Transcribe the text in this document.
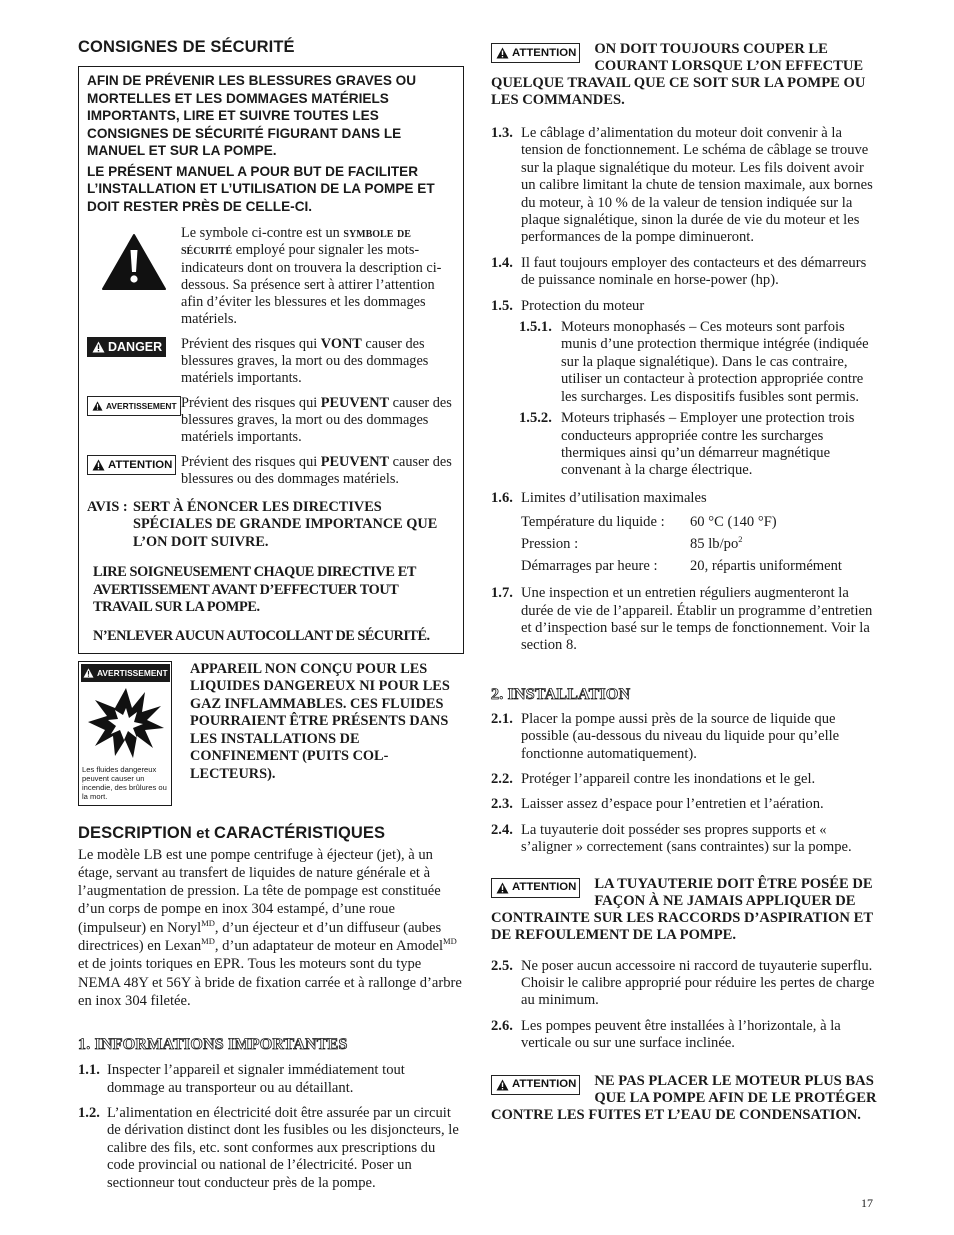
CONSIGNES DE SÉCURITÉ

AFIN DE PRÉVENIR LES BLESSURES GRAVES OU MORTELLES ET LES DOMMAGES MATÉRIELS IMPORTANTS, LIRE ET SUIVRE TOUTES LES CONSIGNES DE SÉCURITÉ FIGURANT DANS LE MANUEL ET SUR LA POMPE.

LE PRÉSENT MANUEL A POUR BUT DE FACILITER L’INSTALLATION ET L’UTILISATION DE LA POMPE ET DOIT RESTER PRÈS DE CELLE-CI.

Le symbole ci-contre est un symbole de sécurité employé pour signaler les mots-indicateurs dont on trouvera la description ci-dessous. Sa présence sert à attirer l’attention afin d’éviter les blessures et les dommages matériels.

DANGER Prévient des risques qui VONT causer des blessures graves, la mort ou des dommages matériels importants.

AVERTISSEMENT Prévient des risques qui PEUVENT causer des blessures graves, la mort ou des dommages matériels importants.

ATTENTION Prévient des risques qui PEUVENT causer des blessures ou des dommages matériels.

AVIS : SERT À ÉNONCER LES DIRECTIVES SPÉCIALES DE GRANDE IMPORTANCE QUE L’ON DOIT SUIVRE.

LIRE SOIGNEUSEMENT CHAQUE DIRECTIVE ET AVERTISSEMENT AVANT D’EFFECTUER TOUT TRAVAIL SUR LA POMPE.

N’ENLEVER AUCUN AUTOCOLLANT DE SÉCURITÉ.

AVERTISSEMENT

Les fluides dangereux peuvent causer un incendie, des brûlures ou la mort.

APPAREIL NON CONÇU POUR LES LIQUIDES DANGEREUX NI POUR LES GAZ INFLAMMABLES. CES FLUIDES POURRAIENT ÊTRE PRÉSENTS DANS LES INSTALLATIONS DE CONFINEMENT (PUITS COLLECTEURS).

DESCRIPTION et CARACTÉRISTIQUES

Le modèle LB est une pompe centrifuge à éjecteur (jet), à un étage, servant au transfert de liquides de nature générale et à l’augmentation de pression. La tête de pompage est constituée d’un corps de pompe en inox 304 estampé, d’une roue (impulseur) en Noryl$^{MD}$, d’un éjecteur et d’un diffuseur (aubes directrices) en Lexan$^{MD}$, d’un adaptateur de moteur en Amodel$^{MD}$ et de joints toriques en EPR. Tous les moteurs sont du type NEMA 48Y et 56Y à bride de fixation carrée et à rallonge d’arbre en inox 304 filetée.

1. INFORMATIONS IMPORTANTES
1.1. Inspecter l’appareil et signaler immédiatement tout dommage au transporteur ou au détaillant.
1.2. L’alimentation en électricité doit être assurée par un circuit de dérivation distinct dont les fusibles ou les disjoncteurs, le calibre des fils, etc. sont conformes aux prescriptions du code provincial ou national de l’électricité. Poser un sectionneur tout conducteur près de la pompe.
ATTENTION ON DOIT TOUJOURS COUPER LE COURANT LORSQUE L’ON EFFECTUE QUELQUE TRAVAIL QUE CE SOIT SUR LA POMPE OU LES COMMANDES.
1.3. Le câblage d’alimentation du moteur doit convenir à la tension de fonctionnement. Le schéma de câblage se trouve sur la plaque signalétique du moteur. Les fils doivent avoir un calibre limitant la chute de tension maximale, aux bornes du moteur, à 10 % de la valeur de tension indiquée sur la plaque signalétique, sinon la durée de vie du moteur et les performances de la pompe diminueront.
1.4. Il faut toujours employer des contacteurs et des démarreurs de puissance nominale en horse-power (hp).
1.5. Protection du moteur
1.5.1. Moteurs monophasés – Ces moteurs sont parfois munis d’une protection thermique intégrée (indiquée sur la plaque signalétique). Dans le cas contraire, utiliser un contacteur à protection appropriée contre les surcharges. Les dispositifs fusibles sont permis.
1.5.2. Moteurs triphasés – Employer une protection trois conducteurs appropriée contre les surcharges thermiques ainsi qu’un démarreur magnétique convenant à la charge électrique.
1.6. Limites d’utilisation maximales
Température du liquide :	60 °C (140 °F)
Pression :	85 $lb/po^2$
Démarrages par heure :	20, répartis uniformément
1.7. Une inspection et un entretien réguliers augmenteront la durée de vie de l’appareil. Établir un programme d’entretien et d’inspection basé sur le temps de fonctionnement. Voir la section 8.
2. INSTALLATION
2.1. Placer la pompe aussi près de la source de liquide que possible (au-dessous du niveau du liquide pour qu’elle fonctionne automatiquement).
2.2. Protéger l’appareil contre les inondations et le gel.
2.3. Laisser assez d’espace pour l’entretien et l’aération.
2.4. La tuyauterie doit posséder ses propres supports et « s’aligner » correctement (sans contraintes) sur la pompe.
ATTENTION LA TUYAUTERIE DOIT ÊTRE POSÉE DE FAÇON À NE JAMAIS APPLIQUER DE CONTRAINTE SUR LES RACCORDS D’ASPIRATION ET DE REFOULEMENT DE LA POMPE.
2.5. Ne poser aucun accessoire ni raccord de tuyauterie superflu. Choisir le calibre approprié pour réduire les pertes de charge au minimum.
2.6. Les pompes peuvent être installées à l’horizontale, à la verticale ou sur une surface inclinée.
ATTENTION NE PAS PLACER LE MOTEUR PLUS BAS QUE LA POMPE AFIN DE LE PROTÉGER CONTRE LES FUITES ET L’EAU DE CONDENSATION.
17
